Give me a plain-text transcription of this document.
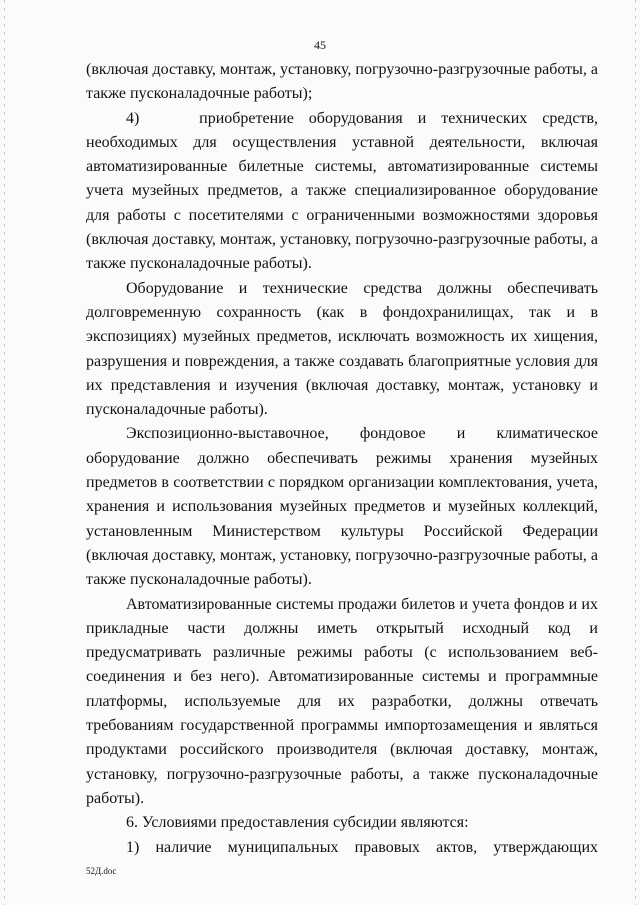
45

(включая доставку, монтаж, установку, погрузочно-разгрузочные работы, а также пусконаладочные работы);

4)    приобретение оборудования и технических средств, необходимых для осуществления уставной деятельности, включая автоматизированные билетные системы, автоматизированные системы учета музейных предметов, а также специализированное оборудование для работы с посетителями с ограниченными возможностями здоровья (включая доставку, монтаж, установку, погрузочно-разгрузочные работы, а также пусконаладочные работы).

Оборудование и технические средства должны обеспечивать долговременную сохранность (как в фондохранилищах, так и в экспозициях) музейных предметов, исключать возможность их хищения, разрушения и повреждения, а также создавать благоприятные условия для их представления и изучения (включая доставку, монтаж, установку и пусконаладочные работы).

Экспозиционно-выставочное, фондовое и климатическое оборудование должно обеспечивать режимы хранения музейных предметов в соответствии с порядком организации комплектования, учета, хранения и использования музейных предметов и музейных коллекций, установленным Министерством культуры Российской Федерации (включая доставку, монтаж, установку, погрузочно-разгрузочные работы, а также пусконаладочные работы).

Автоматизированные системы продажи билетов и учета фондов и их прикладные части должны иметь открытый исходный код и предусматривать различные режимы работы (с использованием веб-соединения и без него). Автоматизированные системы и программные платформы, используемые для их разработки, должны отвечать требованиям государственной программы импортозамещения и являться продуктами российского производителя (включая доставку, монтаж, установку, погрузочно-разгрузочные работы, а также пусконаладочные работы).

6. Условиями предоставления субсидии являются:

1) наличие муниципальных правовых актов, утверждающих

52Д.doc
